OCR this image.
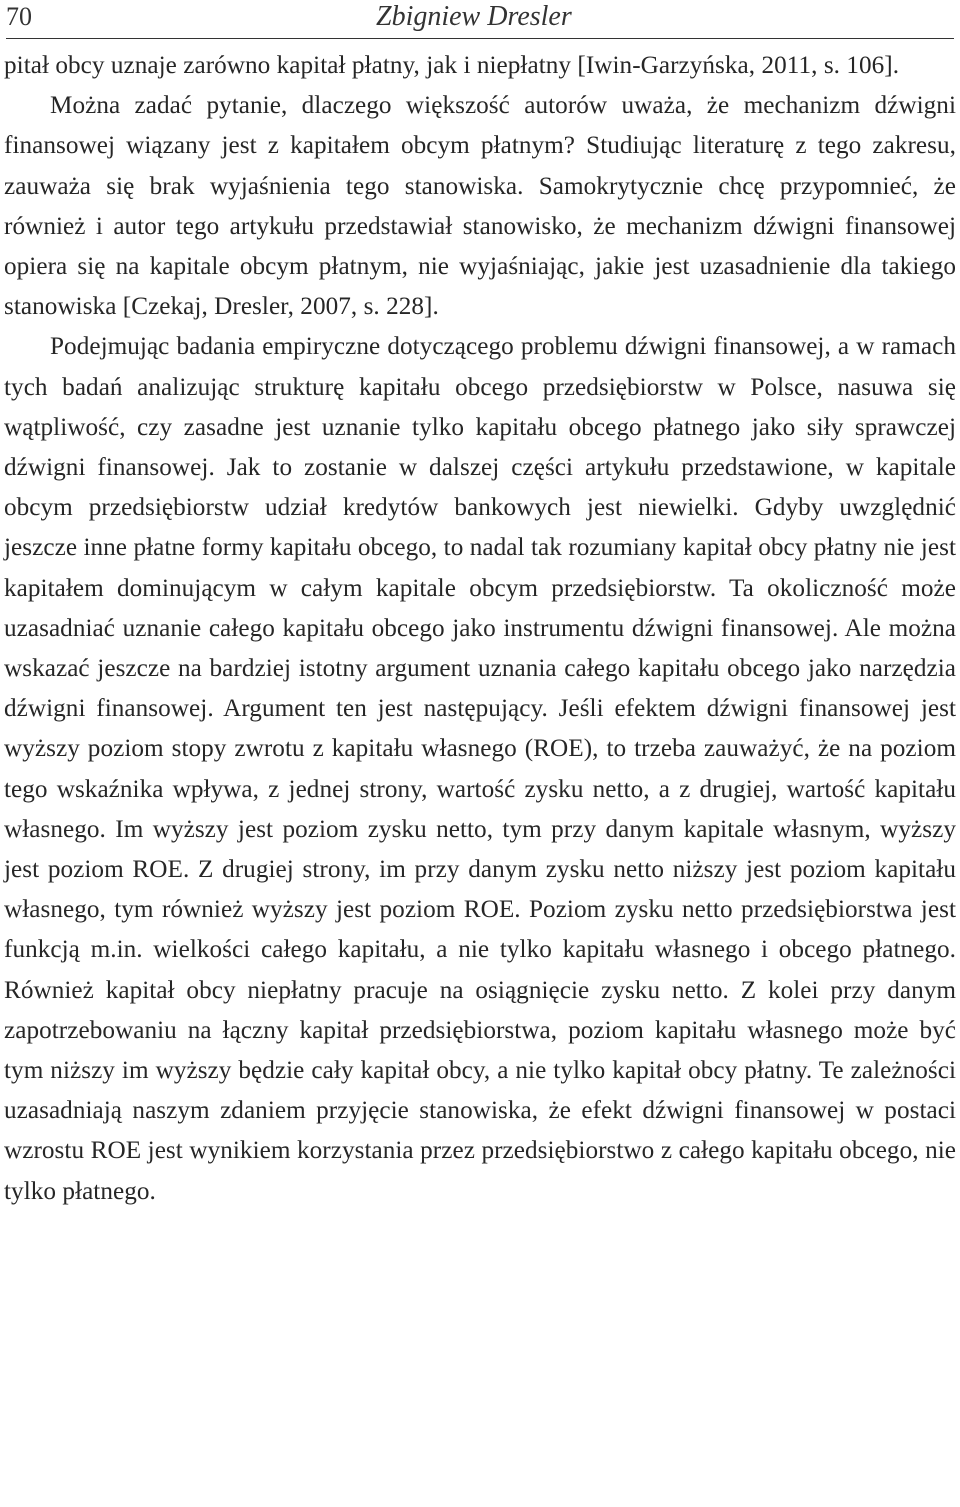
70	Zbigniew Dresler

pitał obcy uznaje zarówno kapitał płatny, jak i niepłatny [Iwin-Garzyńska, 2011, s. 106].

Można zadać pytanie, dlaczego większość autorów uważa, że mechanizm dźwigni finansowej wiązany jest z kapitałem obcym płatnym? Studiując literaturę z tego zakresu, zauważa się brak wyjaśnienia tego stanowiska. Samokrytycznie chcę przypomnieć, że również i autor tego artykułu przedstawiał stanowisko, że mechanizm dźwigni finansowej opiera się na kapitale obcym płatnym, nie wyjaśniając, jakie jest uzasadnienie dla takiego stanowiska [Czekaj, Dresler, 2007, s. 228].

Podejmując badania empiryczne dotyczącego problemu dźwigni finansowej, a w ramach tych badań analizując strukturę kapitału obcego przedsiębiorstw w Polsce, nasuwa się wątpliwość, czy zasadne jest uznanie tylko kapitału obcego płatnego jako siły sprawczej dźwigni finansowej. Jak to zostanie w dalszej części artykułu przedstawione, w kapitale obcym przedsiębiorstw udział kredytów bankowych jest niewielki. Gdyby uwzględnić jeszcze inne płatne formy kapitału obcego, to nadal tak rozumiany kapitał obcy płatny nie jest kapitałem dominującym w całym kapitale obcym przedsiębiorstw. Ta okoliczność może uzasadniać uznanie całego kapitału obcego jako instrumentu dźwigni finansowej. Ale można wskazać jeszcze na bardziej istotny argument uznania całego kapitału obcego jako narzędzia dźwigni finansowej. Argument ten jest następujący. Jeśli efektem dźwigni finansowej jest wyższy poziom stopy zwrotu z kapitału własnego (ROE), to trzeba zauważyć, że na poziom tego wskaźnika wpływa, z jednej strony, wartość zysku netto, a z drugiej, wartość kapitału własnego. Im wyższy jest poziom zysku netto, tym przy danym kapitale własnym, wyższy jest poziom ROE. Z drugiej strony, im przy danym zysku netto niższy jest poziom kapitału własnego, tym również wyższy jest poziom ROE. Poziom zysku netto przedsiębiorstwa jest funkcją m.in. wielkości całego kapitału, a nie tylko kapitału własnego i obcego płatnego. Również kapitał obcy niepłatny pracuje na osiągnięcie zysku netto. Z kolei przy danym zapotrzebowaniu na łączny kapitał przedsiębiorstwa, poziom kapitału własnego może być tym niższy im wyższy będzie cały kapitał obcy, a nie tylko kapitał obcy płatny. Te zależności uzasadniają naszym zdaniem przyjęcie stanowiska, że efekt dźwigni finansowej w postaci wzrostu ROE jest wynikiem korzystania przez przedsiębiorstwo z całego kapitału obcego, nie tylko płatnego.
